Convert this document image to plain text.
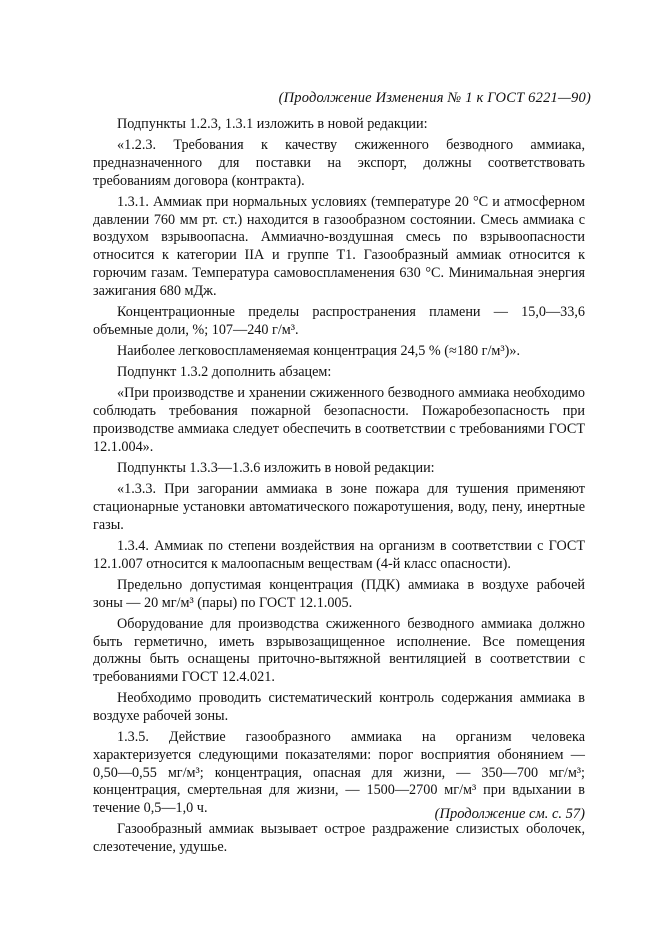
(Продолжение Изменения № 1 к ГОСТ 6221—90)

Подпункты 1.2.3, 1.3.1 изложить в новой редакции:

«1.2.3. Требования к качеству сжиженного безводного аммиака, предназначенного для поставки на экспорт, должны соответствовать требованиям договора (контракта).

1.3.1. Аммиак при нормальных условиях (температуре 20 °С и атмосферном давлении 760 мм рт. ст.) находится в газообразном состоянии. Смесь аммиака с воздухом взрывоопасна. Аммиачно-воздушная смесь по взрывоопасности относится к категории IIА и группе Т1. Газообразный аммиак относится к горючим газам. Температура самовоспламенения 630 °С. Минимальная энергия зажигания 680 мДж.

Концентрационные пределы распространения пламени — 15,0—33,6 объемные доли, %; 107—240 г/м³.

Наиболее легковоспламеняемая концентрация 24,5 % (≈180 г/м³)».

Подпункт 1.3.2 дополнить абзацем:

«При производстве и хранении сжиженного безводного аммиака необходимо соблюдать требования пожарной безопасности. Пожаробезопасность при производстве аммиака следует обеспечить в соответствии с требованиями ГОСТ 12.1.004».

Подпункты 1.3.3—1.3.6 изложить в новой редакции:

«1.3.3. При загорании аммиака в зоне пожара для тушения применяют стационарные установки автоматического пожаротушения, воду, пену, инертные газы.

1.3.4. Аммиак по степени воздействия на организм в соответствии с ГОСТ 12.1.007 относится к малоопасным веществам (4-й класс опасности).

Предельно допустимая концентрация (ПДК) аммиака в воздухе рабочей зоны — 20 мг/м³ (пары) по ГОСТ 12.1.005.

Оборудование для производства сжиженного безводного аммиака должно быть герметично, иметь взрывозащищенное исполнение. Все помещения должны быть оснащены приточно-вытяжной вентиляцией в соответствии с требованиями ГОСТ 12.4.021.

Необходимо проводить систематический контроль содержания аммиака в воздухе рабочей зоны.

1.3.5. Действие газообразного аммиака на организм человека характеризуется следующими показателями: порог восприятия обонянием — 0,50—0,55 мг/м³; концентрация, опасная для жизни, — 350—700 мг/м³; концентрация, смертельная для жизни, — 1500—2700 мг/м³ при вдыхании в течение 0,5—1,0 ч.

Газообразный аммиак вызывает острое раздражение слизистых оболочек, слезотечение, удушье.

(Продолжение см. с. 57)
